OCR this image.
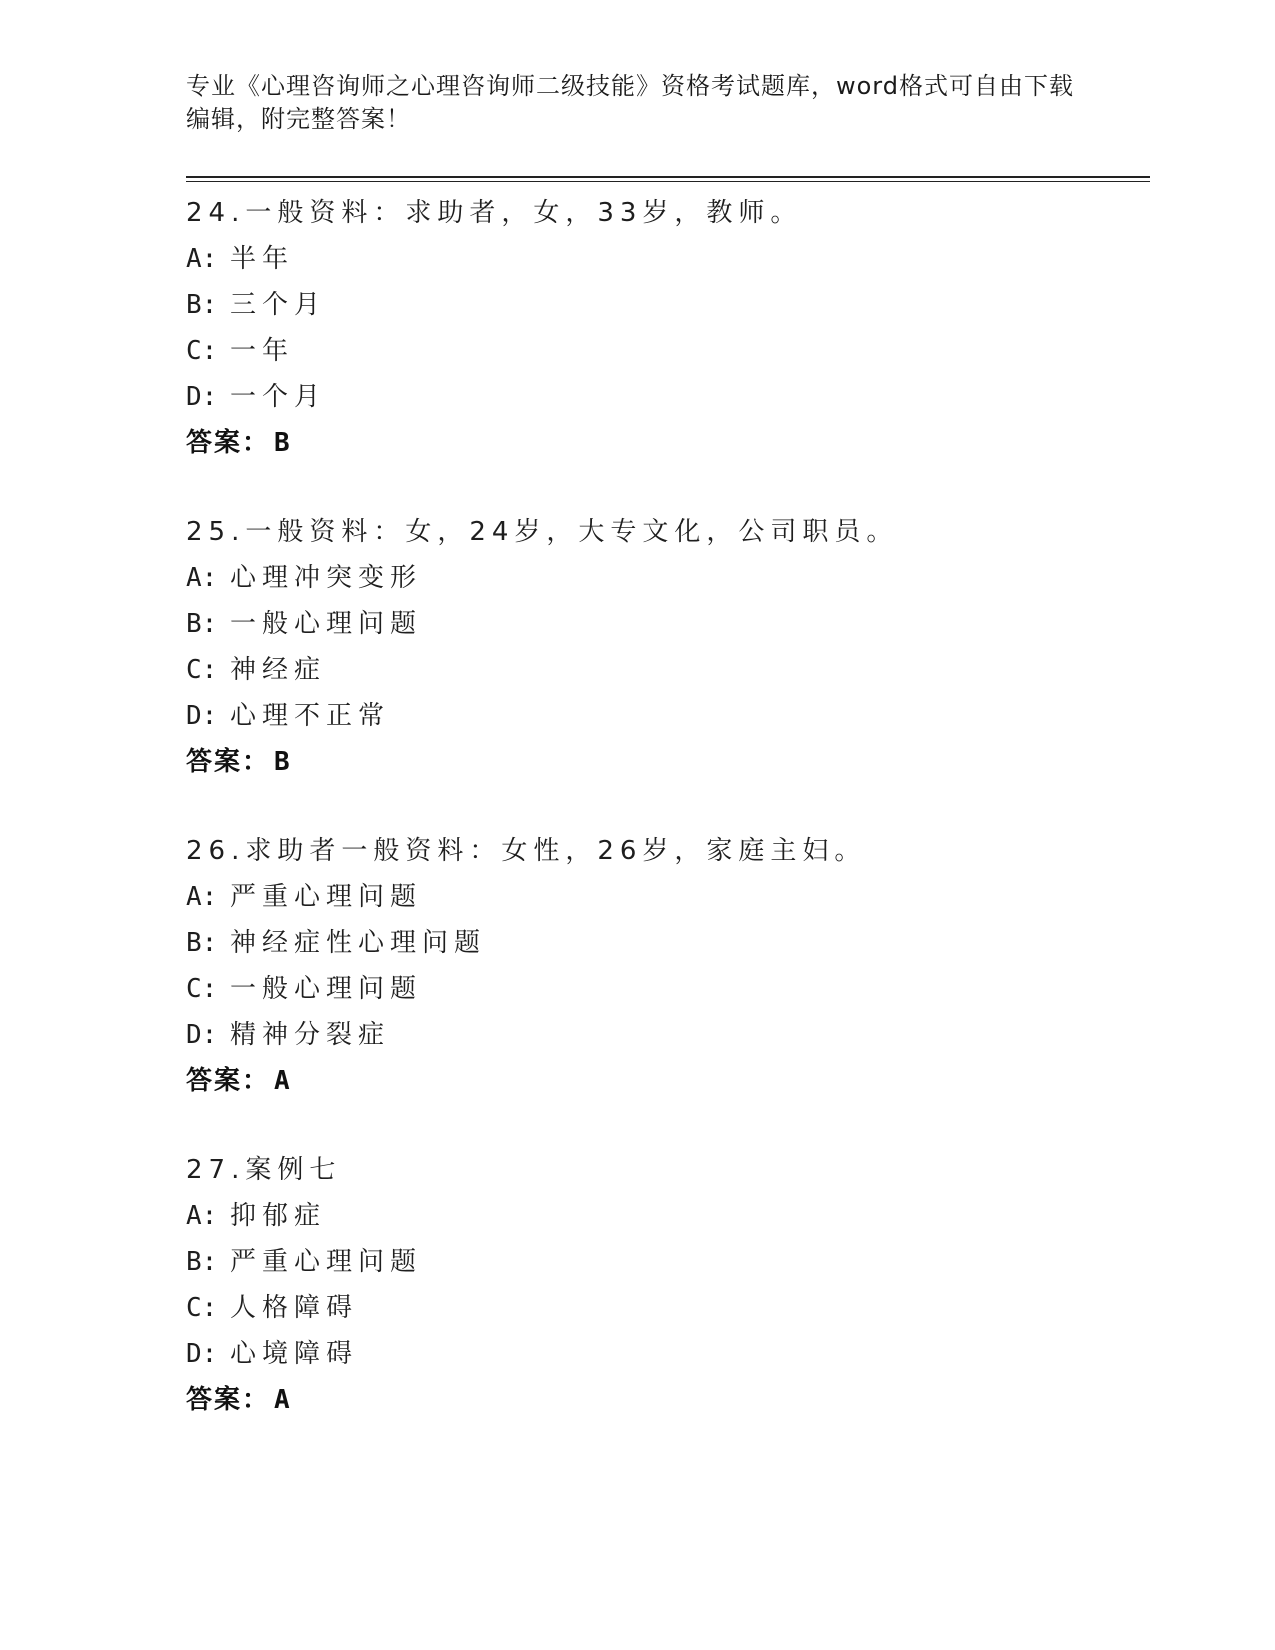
专业《心理咨询师之心理咨询师二级技能》资格考试题库，word格式可自由下载
编辑，附完整答案！
24.一般资料：求助者，女，33岁，教师。
A: 半年
B: 三个月
C: 一年
D: 一个月
答案： B
25.一般资料：女，24岁，大专文化，公司职员。
A: 心理冲突变形
B: 一般心理问题
C: 神经症
D: 心理不正常
答案： B
26.求助者一般资料：女性，26岁，家庭主妇。
A: 严重心理问题
B: 神经症性心理问题
C: 一般心理问题
D: 精神分裂症
答案： A
27.案例七
A: 抑郁症
B: 严重心理问题
C: 人格障碍
D: 心境障碍
答案： A
